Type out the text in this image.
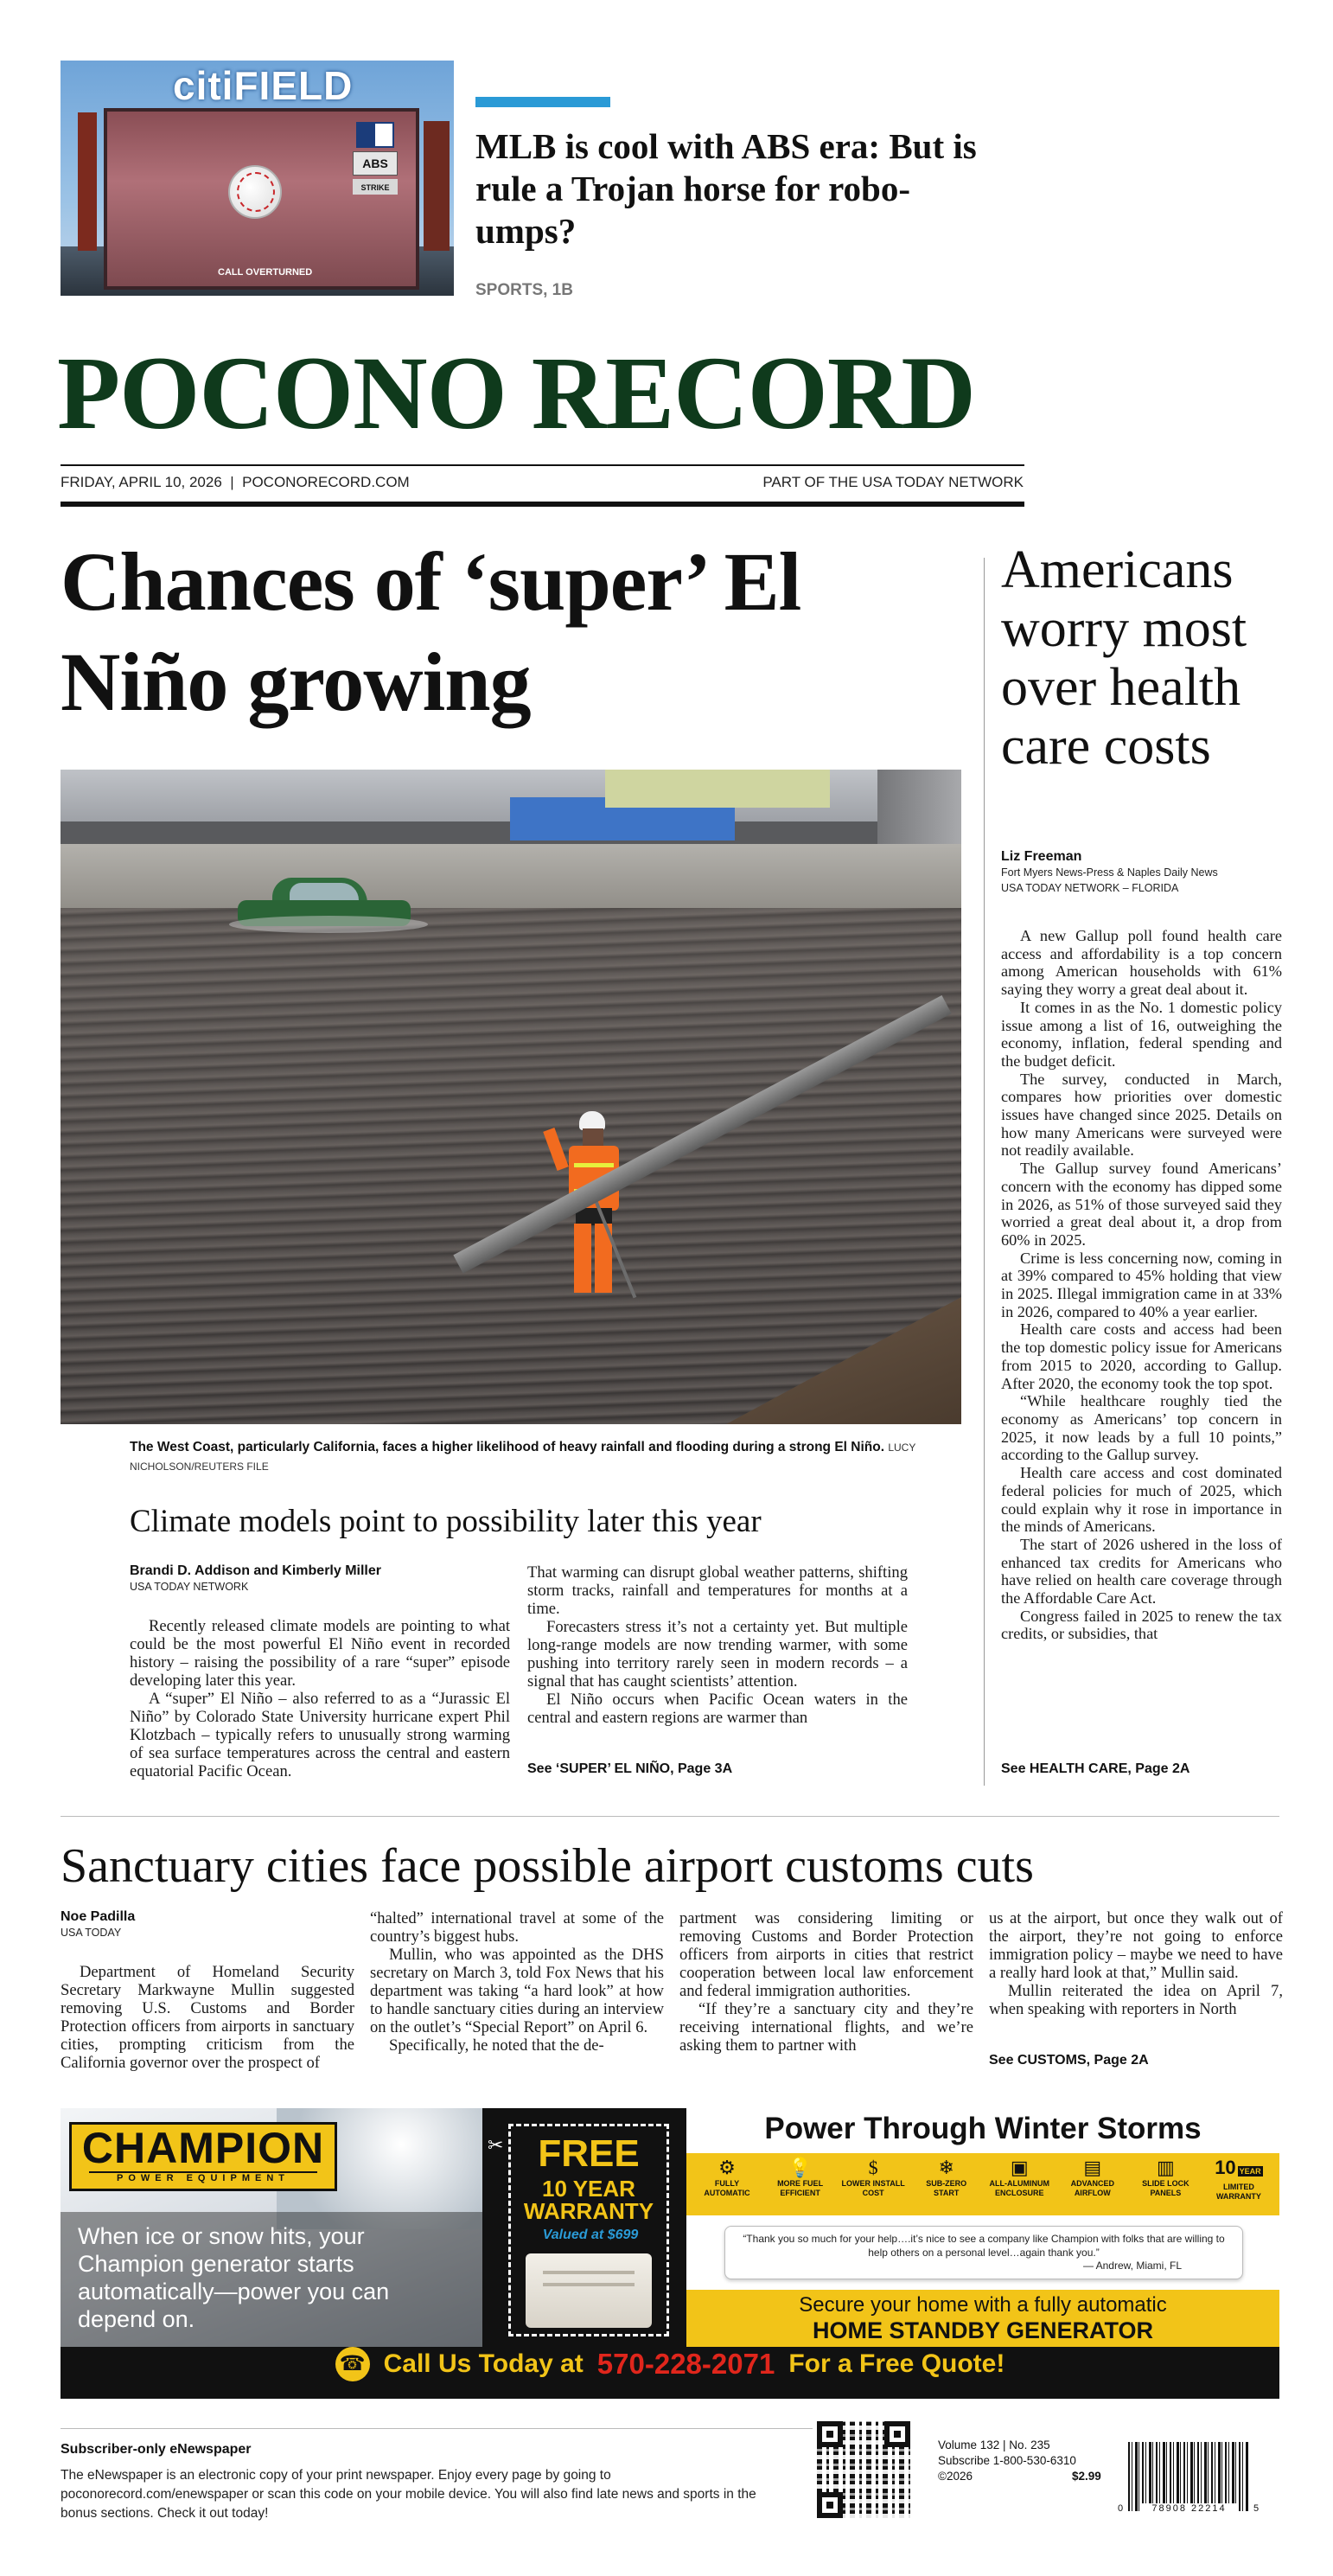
citiFIELD
ABS
STRIKE
CALL OVERTURNED
MLB is cool with ABS era: But is rule a Trojan horse for robo-umps?
SPORTS, 1B
POCONO RECORD
FRIDAY, APRIL 10, 2026  |  POCONORECORD.COM	PART OF THE USA TODAY NETWORK
Chances of ‘super’ El Niño growing
The West Coast, particularly California, faces a higher likelihood of heavy rainfall and flooding during a strong El Niño. LUCY NICHOLSON/REUTERS FILE
Climate models point to possibility later this year
Brandi D. Addison and Kimberly Miller
USA TODAY NETWORK

Recently released climate models are pointing to what could be the most powerful El Niño event in recorded history – raising the possibility of a rare “super” episode developing later this year.

A “super” El Niño – also referred to as a “Jurassic El Niño” by Colorado State University hurricane expert Phil Klotzbach – typically refers to unusually strong warming of sea surface temperatures across the central and eastern equatorial Pacific Ocean.

That warming can disrupt global weather patterns, shifting storm tracks, rainfall and temperatures for months at a time.

Forecasters stress it’s not a certainty yet. But multiple long-range models are now trending warmer, with some pushing into territory rarely seen in modern records – a signal that has caught scientists’ attention.

El Niño occurs when Pacific Ocean waters in the central and eastern regions are warmer than

See ‘SUPER’ EL NIÑO, Page 3A
Americans worry most over health care costs
Liz Freeman
Fort Myers News-Press & Naples Daily News
USA TODAY NETWORK – FLORIDA

A new Gallup poll found health care access and affordability is a top concern among American households with 61% saying they worry a great deal about it.

It comes in as the No. 1 domestic policy issue among a list of 16, outweighing the economy, inflation, federal spending and the budget deficit.

The survey, conducted in March, compares how priorities over domestic issues have changed since 2025. Details on how many Americans were surveyed were not readily available.

The Gallup survey found Americans’ concern with the economy has dipped some in 2026, as 51% of those surveyed said they worried a great deal about it, a drop from 60% in 2025.

Crime is less concerning now, coming in at 39% compared to 45% holding that view in 2025. Illegal immigration came in at 33% in 2026, compared to 40% a year earlier.

Health care costs and access had been the top domestic policy issue for Americans from 2015 to 2020, according to Gallup. After 2020, the economy took the top spot.

“While healthcare roughly tied the economy as Americans’ top concern in 2025, it now leads by a full 10 points,” according to the Gallup survey.

Health care access and cost dominated federal policies for much of 2025, which could explain why it rose in importance in the minds of Americans.

The start of 2026 ushered in the loss of enhanced tax credits for Americans who have relied on health care coverage through the Affordable Care Act.

Congress failed in 2025 to renew the tax credits, or subsidies, that

See HEALTH CARE, Page 2A
Sanctuary cities face possible airport customs cuts
Noe Padilla
USA TODAY

Department of Homeland Security Secretary Markwayne Mullin suggested removing U.S. Customs and Border Protection officers from airports in sanctuary cities, prompting criticism from the California governor over the prospect of

“halted” international travel at some of the country’s biggest hubs.

Mullin, who was appointed as the DHS secretary on March 3, told Fox News that his department was taking “a hard look” at how to handle sanctuary cities during an interview on the outlet’s “Special Report” on April 6.

Specifically, he noted that the de-

partment was considering limiting or removing Customs and Border Protection officers from airports in cities that restrict cooperation between local law enforcement and federal immigration authorities.

“If they’re a sanctuary city and they’re receiving international flights, and we’re asking them to partner with

us at the airport, but once they walk out of the airport, they’re not going to enforce immigration policy – maybe we need to have a really hard look at that,” Mullin said.

Mullin reiterated the idea on April 7, when speaking with reporters in North

See CUSTOMS, Page 2A
CHAMPION
POWER EQUIPMENT
When ice or snow hits, your Champion generator starts automatically—power you can depend on.
✂ FREE
10 YEAR WARRANTY
Valued at $699
Power Through Winter Storms
⚙
FULLY AUTOMATIC
💡
MORE FUEL EFFICIENT
$
LOWER INSTALL COST
❄
SUB-ZERO START
▣
ALL-ALUMINUM ENCLOSURE
▤
ADVANCED AIRFLOW
▥
SLIDE LOCK PANELS
10 YEAR
LIMITED WARRANTY
“Thank you so much for your help….it’s nice to see a company like Champion with folks that are willing to help others on a personal level…again thank you.”
— Andrew, Miami, FL
Secure your home with a fully automatic
HOME STANDBY GENERATOR
☎ Call Us Today at 570-228-2071 For a Free Quote!
Subscriber-only eNewspaper
The eNewspaper is an electronic copy of your print newspaper. Enjoy every page by going to poconorecord.com/enewspaper or scan this code on your mobile device. You will also find late news and sports in the bonus sections. Check it out today!
Volume 132 | No. 235
Subscribe 1-800-530-6310
©2026	$2.99
0	78908 22214	5
